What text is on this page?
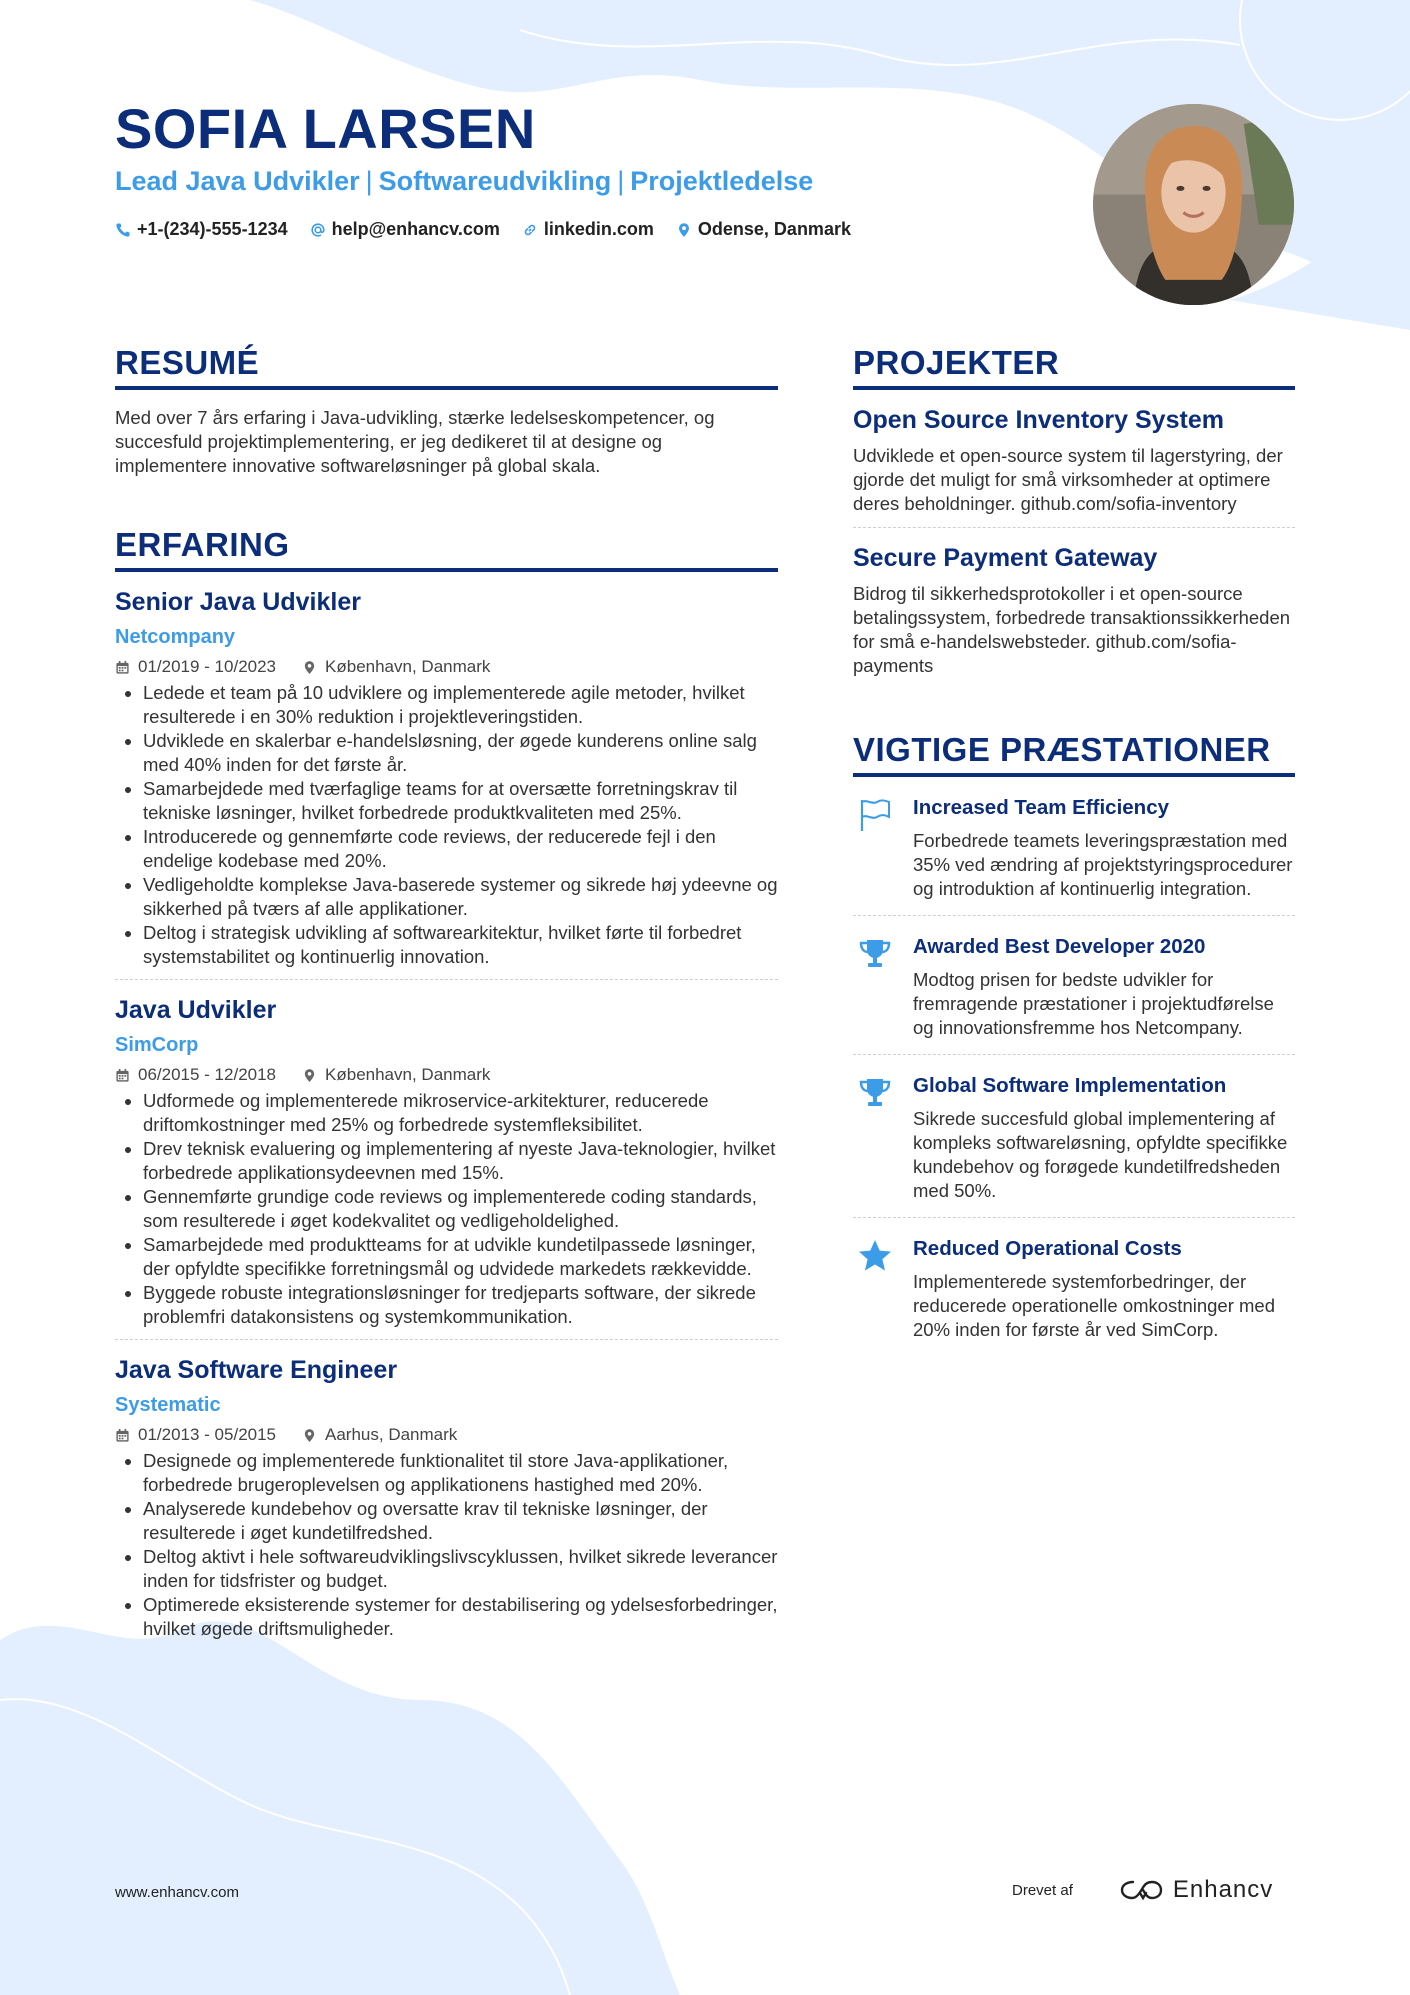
SOFIA LARSEN
Lead Java Udvikler | Softwareudvikling | Projektledelse
+1-(234)-555-1234 help@enhancv.com linkedin.com Odense, Danmark
RESUMÉ

Med over 7 års erfaring i Java-udvikling, stærke ledelseskompetencer, og succesfuld projektimplementering, er jeg dedikeret til at designe og implementere innovative softwareløsninger på global skala.

ERFARING
Senior Java Udvikler
Netcompany
01/2019 - 10/2023	København, Danmark
• Ledede et team på 10 udviklere og implementerede agile metoder, hvilket resulterede i en 30% reduktion i projektleveringstiden.
• Udviklede en skalerbar e-handelsløsning, der øgede kunderens online salg med 40% inden for det første år.
• Samarbejdede med tværfaglige teams for at oversætte forretningskrav til tekniske løsninger, hvilket forbedrede produktkvaliteten med 25%.
• Introducerede og gennemførte code reviews, der reducerede fejl i den endelige kodebase med 20%.
• Vedligeholdte komplekse Java-baserede systemer og sikrede høj ydeevne og sikkerhed på tværs af alle applikationer.
• Deltog i strategisk udvikling af softwarearkitektur, hvilket førte til forbedret systemstabilitet og kontinuerlig innovation.
Java Udvikler
SimCorp
06/2015 - 12/2018	København, Danmark
• Udformede og implementerede mikroservice-arkitekturer, reducerede driftomkostninger med 25% og forbedrede systemfleksibilitet.
• Drev teknisk evaluering og implementering af nyeste Java-teknologier, hvilket forbedrede applikationsydeevnen med 15%.
• Gennemførte grundige code reviews og implementerede coding standards, som resulterede i øget kodekvalitet og vedligeholdelighed.
• Samarbejdede med produktteams for at udvikle kundetilpassede løsninger, der opfyldte specifikke forretningsmål og udvidede markedets rækkevidde.
• Byggede robuste integrationsløsninger for tredjeparts software, der sikrede problemfri datakonsistens og systemkommunikation.
Java Software Engineer
Systematic
01/2013 - 05/2015	Aarhus, Danmark
• Designede og implementerede funktionalitet til store Java-applikationer, forbedrede brugeroplevelsen og applikationens hastighed med 20%.
• Analyserede kundebehov og oversatte krav til tekniske løsninger, der resulterede i øget kundetilfredshed.
• Deltog aktivt i hele softwareudviklingslivscyklussen, hvilket sikrede leverancer inden for tidsfrister og budget.
• Optimerede eksisterende systemer for destabilisering og ydelsesforbedringer, hvilket øgede driftsmuligheder.
PROJEKTER
Open Source Inventory System
Udviklede et open-source system til lagerstyring, der gjorde det muligt for små virksomheder at optimere deres beholdninger. github.com/sofia-inventory
Secure Payment Gateway
Bidrog til sikkerhedsprotokoller i et open-source betalingssystem, forbedrede transaktionssikkerheden for små e-handelswebsteder. github.com/sofia-payments
VIGTIGE PRÆSTATIONER
Increased Team Efficiency
Forbedrede teamets leveringspræstation med 35% ved ændring af projektstyringsprocedurer og introduktion af kontinuerlig integration.
Awarded Best Developer 2020
Modtog prisen for bedste udvikler for fremragende præstationer i projektudførelse og innovationsfremme hos Netcompany.
Global Software Implementation
Sikrede succesfuld global implementering af kompleks softwareløsning, opfyldte specifikke kundebehov og forøgede kundetilfredsheden med 50%.
Reduced Operational Costs
Implementerede systemforbedringer, der reducerede operationelle omkostninger med 20% inden for første år ved SimCorp.
www.enhancv.com	Drevet af	Enhancv
